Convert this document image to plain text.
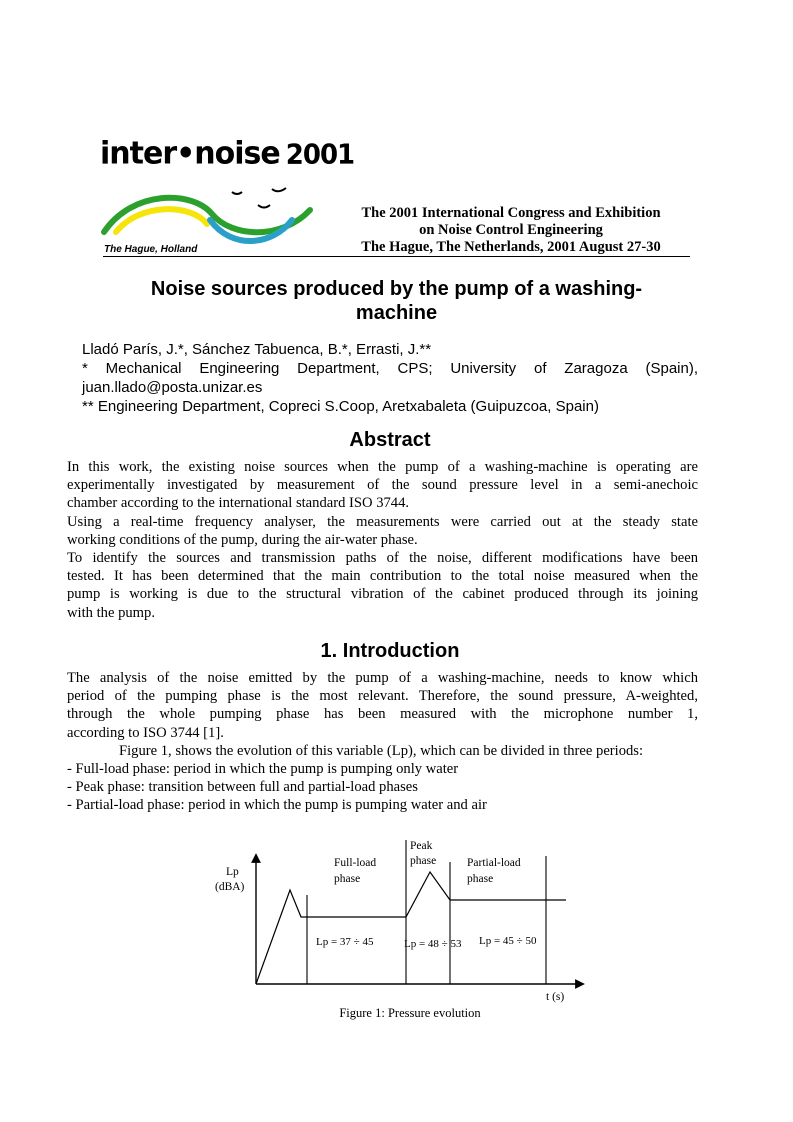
inter•noise 2001
The Hague, Holland
The 2001 International Congress and Exhibition
on Noise Control Engineering
The Hague, The Netherlands, 2001 August 27-30
Noise sources produced by the pump of a washing-
machine
Lladó París, J.*, Sánchez Tabuenca, B.*, Errasti, J.**
* Mechanical Engineering Department, CPS; University of Zaragoza (Spain),
juan.llado@posta.unizar.es
** Engineering Department, Copreci S.Coop, Aretxabaleta (Guipuzcoa, Spain)
Abstract
In this work, the existing noise sources when the pump of a washing-machine is operating are
experimentally investigated by measurement of the sound pressure level in a semi-anechoic
chamber according to the international standard ISO 3744.
Using a real-time frequency analyser, the measurements were carried out at the steady state
working conditions of the pump, during the air-water phase.
To identify the sources and transmission paths of the noise, different modifications have been
tested. It has been determined that the main contribution to the total noise measured when the
pump is working is due to the structural vibration of the cabinet produced through its joining
with the pump.
1. Introduction
The analysis of the noise emitted by the pump of a washing-machine, needs to know which
period of the pumping phase is the most relevant. Therefore, the sound pressure, A-weighted,
through the whole pumping phase has been measured with the microphone number 1,
according to ISO 3744 [1].
Figure 1, shows the evolution of this variable (Lp), which can be divided in three periods:
- Full-load phase: period in which the pump is pumping only water
- Peak phase: transition between full and partial-load phases
- Partial-load phase: period in which the pump is pumping water and air
Lp
(dBA)
Full-load
phase
Peak
phase	Partial-load
phase
Lp = 37 ÷ 45	Lp = 48 ÷ 53 Lp = 45 ÷ 50
t (s)
Figure 1: Pressure evolution
